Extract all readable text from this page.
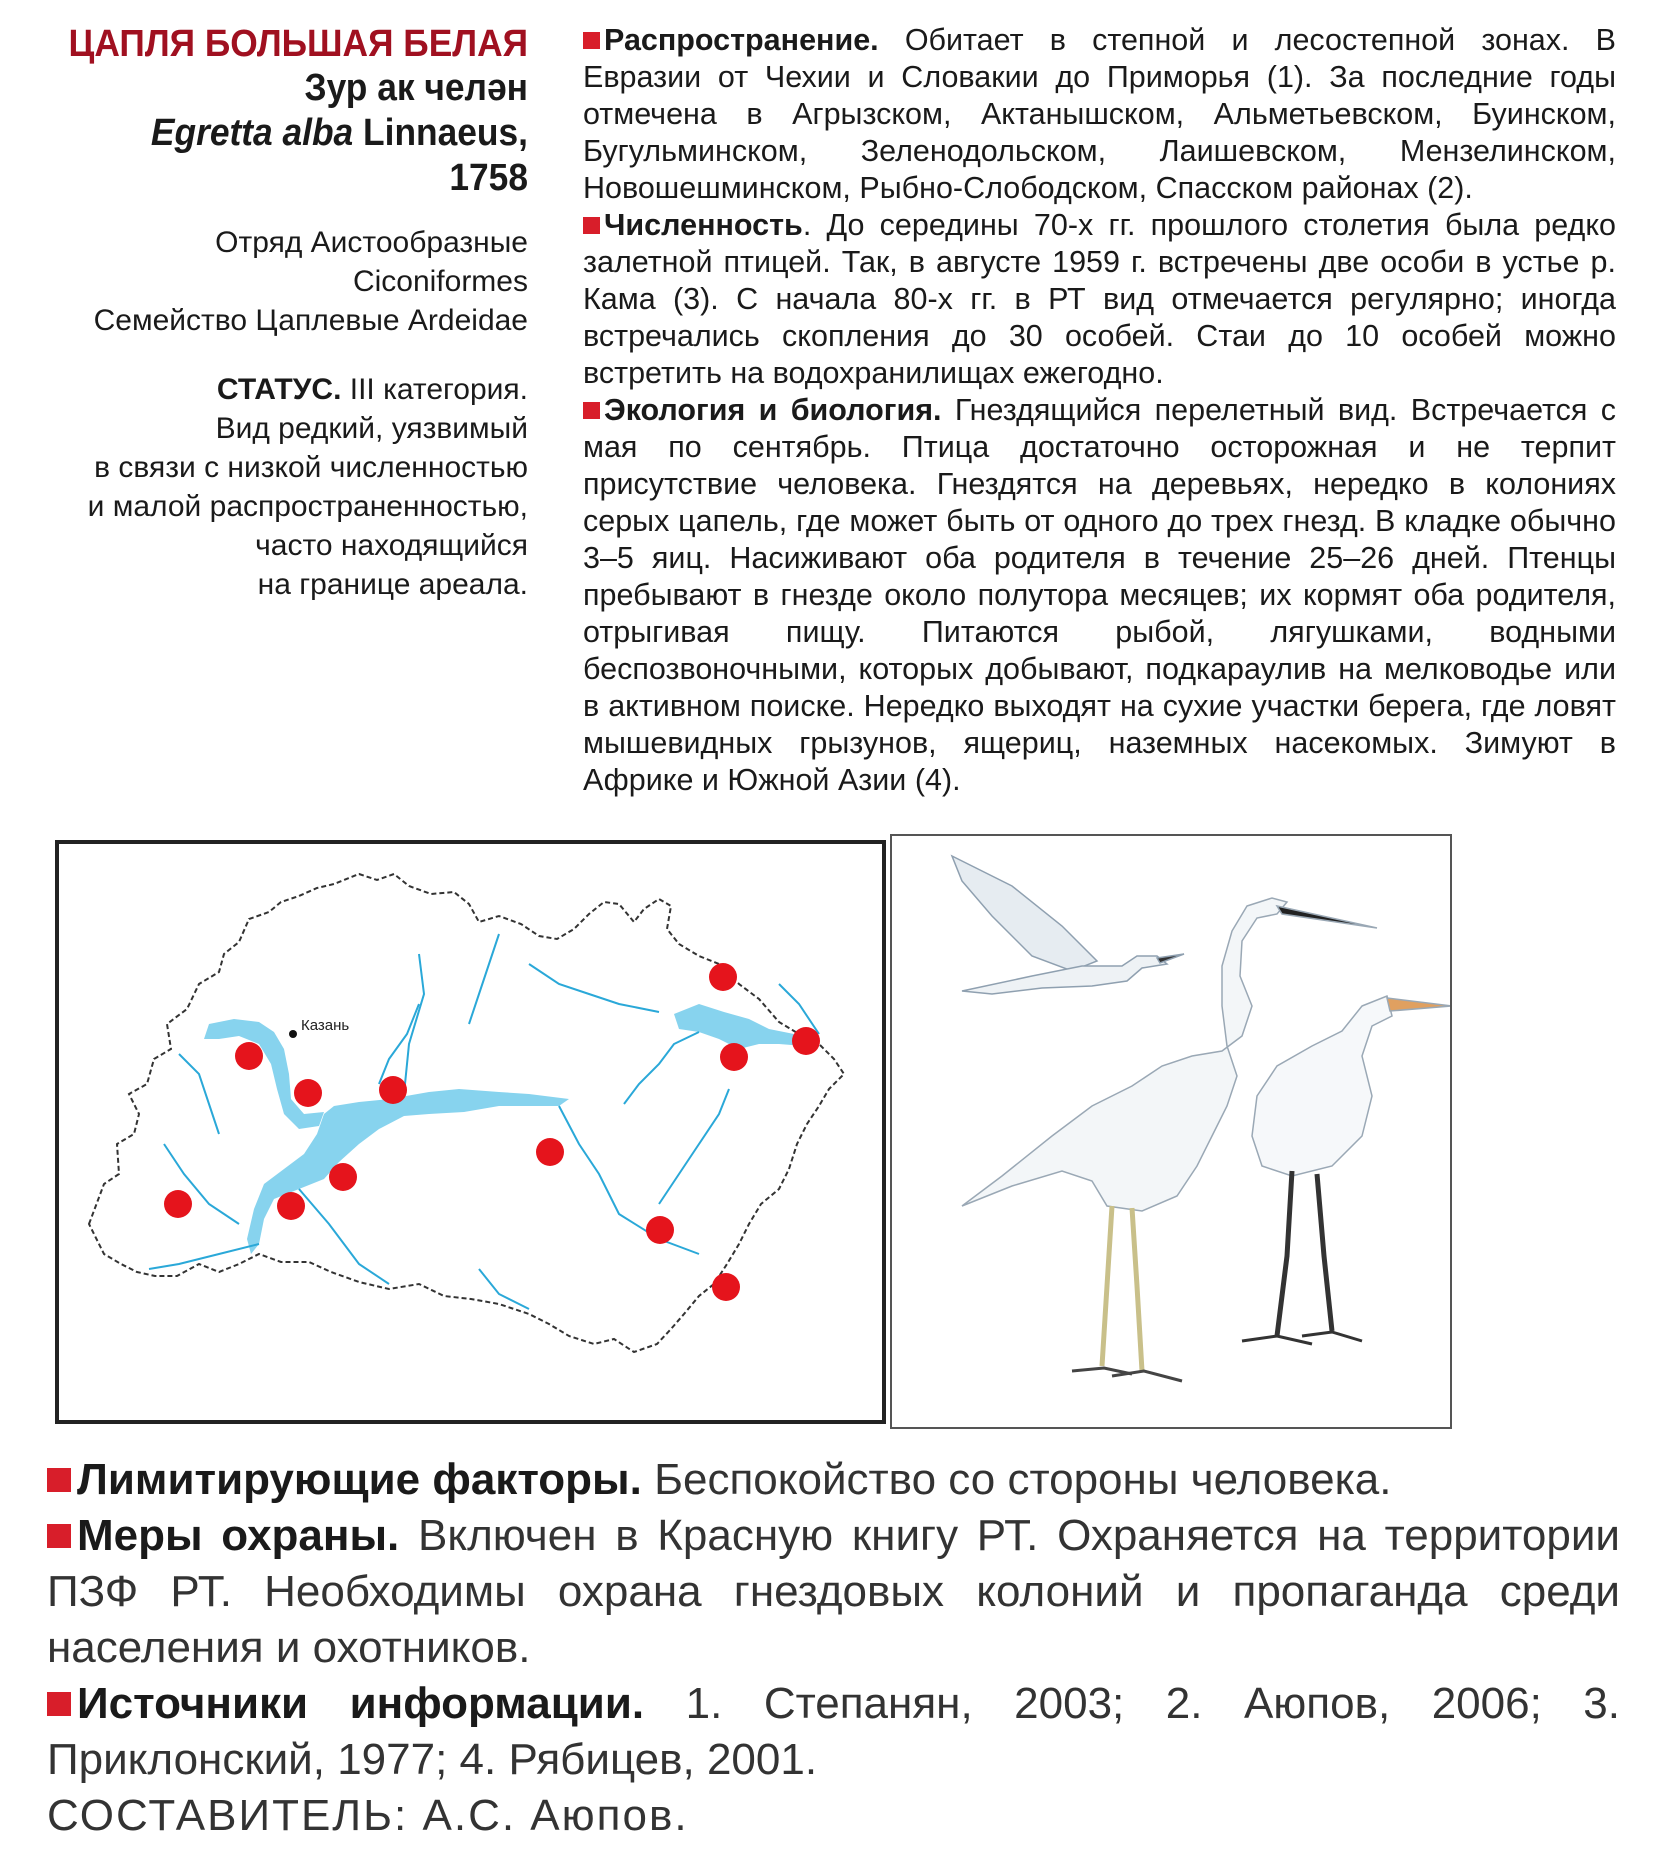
ЦАПЛЯ БОЛЬШАЯ БЕЛАЯ
Зур ак челән
Egretta alba Linnaeus, 1758
Отряд Аистообразные
Ciconiformes
Семейство Цаплевые Ardeidae
СТАТУС. III категория.
Вид редкий, уязвимый
в связи с низкой численностью
и малой распространенностью,
часто находящийся
на границе ареала.

Распространение. Обитает в степной и лесостепной зонах. В Евразии от Чехии и Словакии до Приморья (1). За последние годы отмечена в Агрызском, Актанышском, Альметьевском, Буинском, Бугульминском, Зеленодольском, Лаишевском, Мензелинском, Новошешминском, Рыбно-Слободском, Спасском районах (2).

Численность. До середины 70-х гг. прошлого столетия была редко залетной птицей. Так, в августе 1959 г. встречены две особи в устье р. Кама (3). С начала 80-х гг. в РТ вид отмечается регулярно; иногда встречались скопления до 30 особей. Стаи до 10 особей можно встретить на водохранилищах ежегодно.

Экология и биология. Гнездящийся перелетный вид. Встречается с мая по сентябрь. Птица достаточно осторожная и не терпит присутствие человека. Гнездятся на деревьях, нередко в колониях серых цапель, где может быть от одного до трех гнезд. В кладке обычно 3–5 яиц. Насиживают оба родителя в течение 25–26 дней. Птенцы пребывают в гнезде около полутора месяцев; их кормят оба родителя, отрыгивая пищу. Питаются рыбой, лягушками, водными беспозвоночными, которых добывают, подкараулив на мелководье или в активном поиске. Нередко выходят на сухие участки берега, где ловят мышевидных грызунов, ящериц, наземных насекомых. Зимуют в Африке и Южной Азии (4).

Казань

Лимитирующие факторы. Беспокойство со стороны человека.

Меры охраны. Включен в Красную книгу РТ. Охраняется на территории ПЗФ РТ. Необходимы охрана гнездовых колоний и пропаганда среди населения и охотников.

Источники информации. 1. Степанян, 2003; 2. Аюпов, 2006; 3. Приклонский, 1977; 4. Рябицев, 2001.

СОСТАВИТЕЛЬ: А.С. Аюпов.
